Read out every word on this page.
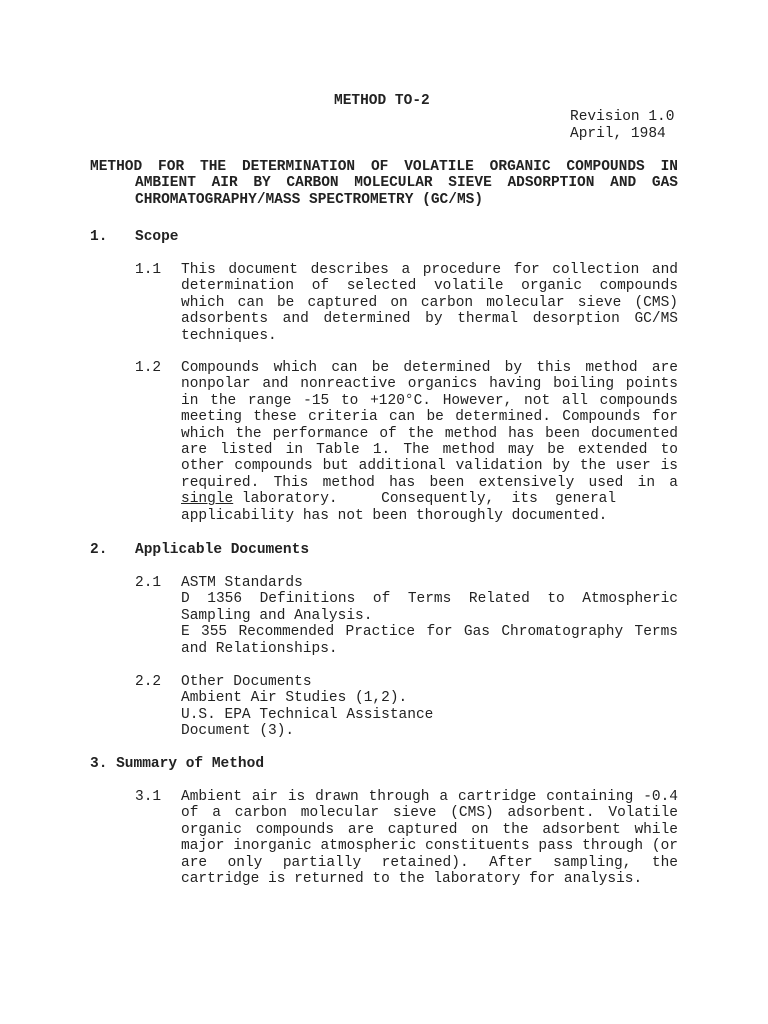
METHOD TO-2
Revision 1.0
April, 1984
METHOD FOR THE DETERMINATION OF VOLATILE ORGANIC COMPOUNDS IN
AMBIENT AIR BY CARBON MOLECULAR SIEVE ADSORPTION AND GAS
CHROMATOGRAPHY/MASS SPECTROMETRY (GC/MS)
1. Scope
1.1 This document describes a procedure for collection and
determination of selected volatile organic compounds
which can be captured on carbon molecular sieve (CMS)
adsorbents and determined by thermal desorption GC/MS
techniques.
1.2 Compounds which can be determined by this method are
nonpolar and nonreactive organics having boiling points
in the range -15 to +120°C. However, not all compounds
meeting these criteria can be determined. Compounds for
which the performance of the method has been documented
are listed in Table 1. The method may be extended to
other compounds but additional validation by the user is
required. This method has been extensively used in a
single laboratory.     Consequently,  its  general
applicability has not been thoroughly documented.
2. Applicable Documents
2.1 ASTM Standards
D 1356 Definitions of Terms Related to Atmospheric
Sampling and Analysis.
E 355 Recommended Practice for Gas Chromatography Terms
and Relationships.
2.2 Other Documents
Ambient Air Studies (1,2).
U.S. EPA Technical Assistance
Document (3).
3. Summary of Method
3.1 Ambient air is drawn through a cartridge containing -0.4
of a carbon molecular sieve (CMS) adsorbent. Volatile
organic compounds are captured on the adsorbent while
major inorganic atmospheric constituents pass through (or
are only partially retained). After sampling, the
cartridge is returned to the laboratory for analysis.
